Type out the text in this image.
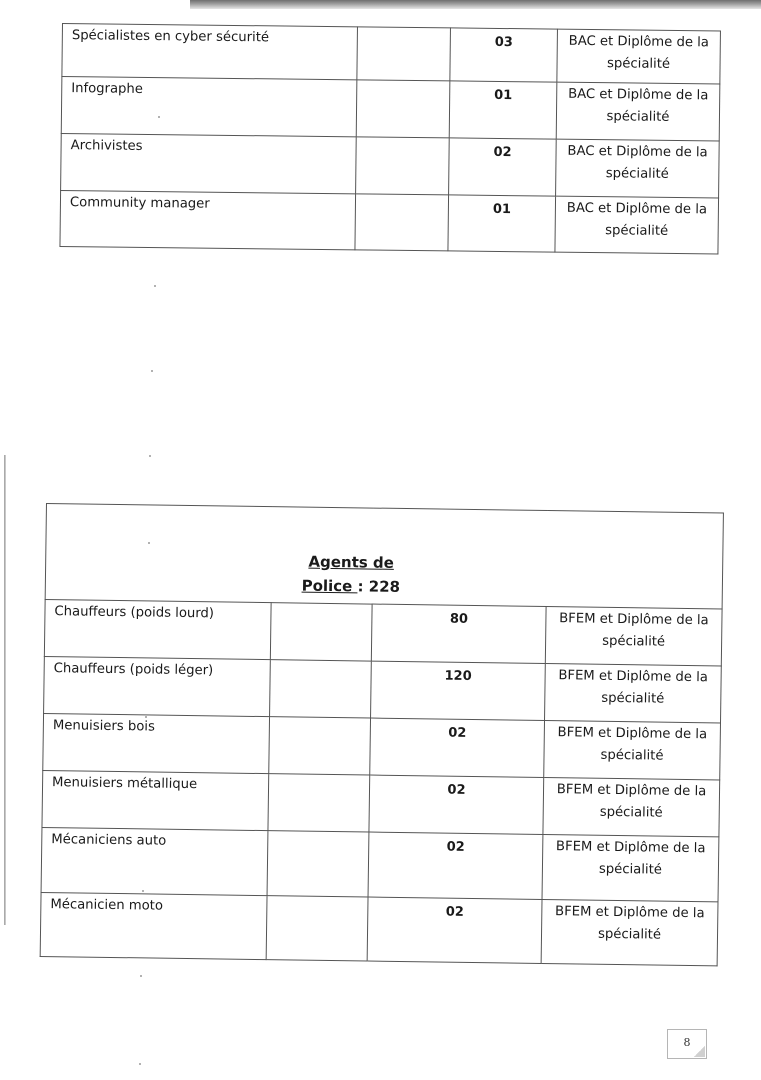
Spécialistes en cyber sécurité		03	BAC et Diplôme de la
spécialité
Infographe		01	BAC et Diplôme de la
spécialité
Archivistes		02	BAC et Diplôme de la
spécialité
Community manager		01	BAC et Diplôme de la
spécialité
Agents de
Police : 228			

Chauffeurs (poids lourd)		80	BFEM et Diplôme de la
spécialité
Chauffeurs (poids léger)		120	BFEM et Diplôme de la
spécialité
Menuisiers bois		02	BFEM et Diplôme de la
spécialité
Menuisiers métallique		02	BFEM et Diplôme de la
spécialité
Mécaniciens auto		02	BFEM et Diplôme de la
spécialité
Mécanicien moto		02	BFEM et Diplôme de la
spécialité
8
